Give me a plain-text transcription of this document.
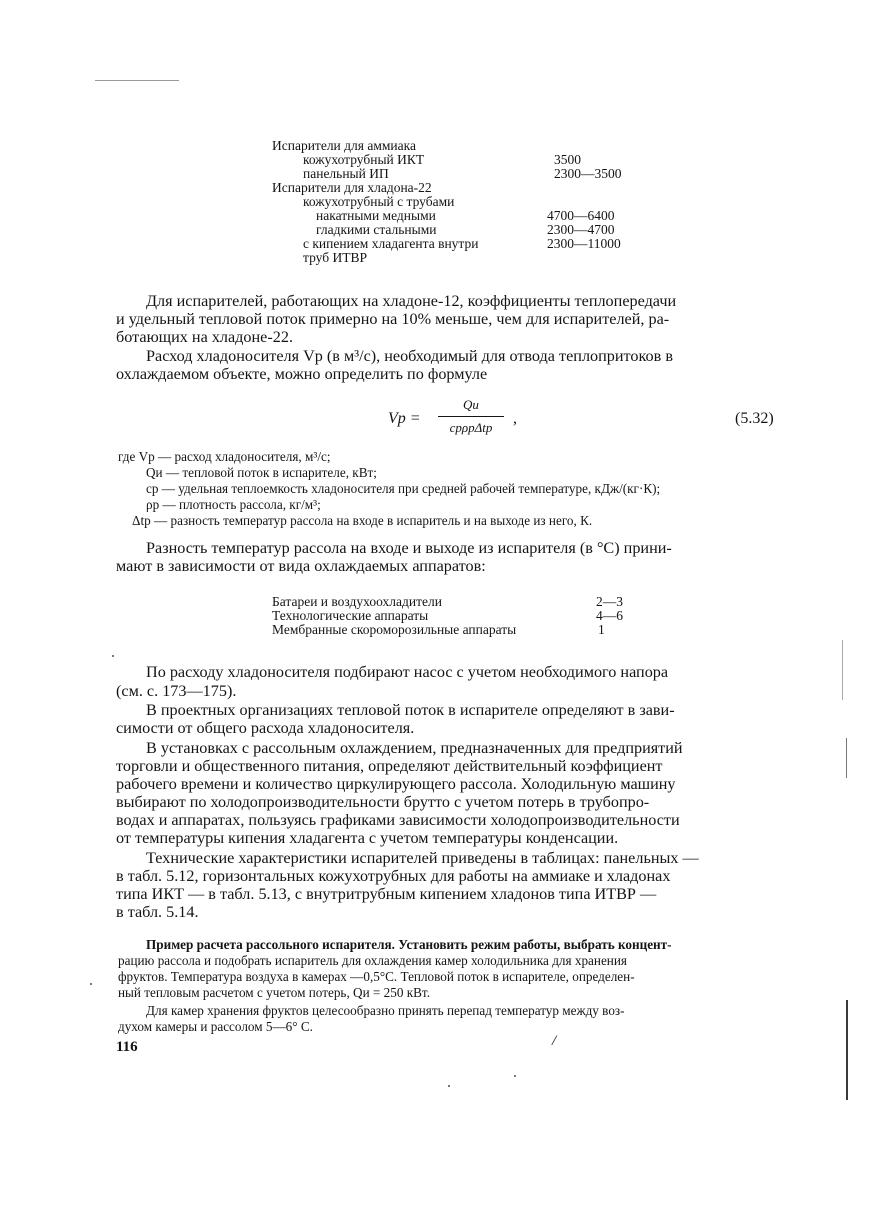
Испарители для аммиака
кожухотрубный ИКТ	3500
панельный ИП	2300—3500
Испарители для хладона-22
кожухотрубный с трубами
накатными медными	4700—6400
гладкими стальными	2300—4700
с кипением хладагента внутри	2300—11000
труб ИТВР
Для испарителей, работающих на хладоне-12, коэффициенты теплопередачи
и удельный тепловой поток примерно на 10% меньше, чем для испарителей, ра-
ботающих на хладоне-22.
Расход хладоносителя Vр (в м³/с), необходимый для отвода теплопритоков в
охлаждаемом объекте, можно определить по формуле
Vр =
Qи
cрρрΔtр
,	(5.32)
где Vр — расход хладоносителя, м³/с;
Qи — тепловой поток в испарителе, кВт;
cр — удельная теплоемкость хладоносителя при средней рабочей температуре, кДж/(кг·К);
ρр — плотность рассола, кг/м³;
Δtр — разность температур рассола на входе в испаритель и на выходе из него, К.
Разность температур рассола на входе и выходе из испарителя (в °С) прини-
мают в зависимости от вида охлаждаемых аппаратов:
Батареи и воздухоохладители	2—3
Технологические аппараты	4—6
Мембранные скороморозильные аппараты	1
По расходу хладоносителя подбирают насос с учетом необходимого напора
(см. с. 173—175).
В проектных организациях тепловой поток в испарителе определяют в зави-
симости от общего расхода хладоносителя.
В установках с рассольным охлаждением, предназначенных для предприятий
торговли и общественного питания, определяют действительный коэффициент
рабочего времени и количество циркулирующего рассола. Холодильную машину
выбирают по холодопроизводительности брутто с учетом потерь в трубопро-
водах и аппаратах, пользуясь графиками зависимости холодопроизводительности
от температуры кипения хладагента с учетом температуры конденсации.
Технические характеристики испарителей приведены в таблицах: панельных —
в табл. 5.12, горизонтальных кожухотрубных для работы на аммиаке и хладонах
типа ИКТ — в табл. 5.13, с внутритрубным кипением хладонов типа ИТВР —
в табл. 5.14.
Пример расчета рассольного испарителя. Установить режим работы, выбрать концент-
рацию рассола и подобрать испаритель для охлаждения камер холодильника для хранения
фруктов. Температура воздуха в камерах —0,5°С. Тепловой поток в испарителе, определен-
ный тепловым расчетом с учетом потерь, Qи = 250 кВт.
Для камер хранения фруктов целесообразно принять перепад температур между воз-
духом камеры и рассолом 5—6° С.
116	/
